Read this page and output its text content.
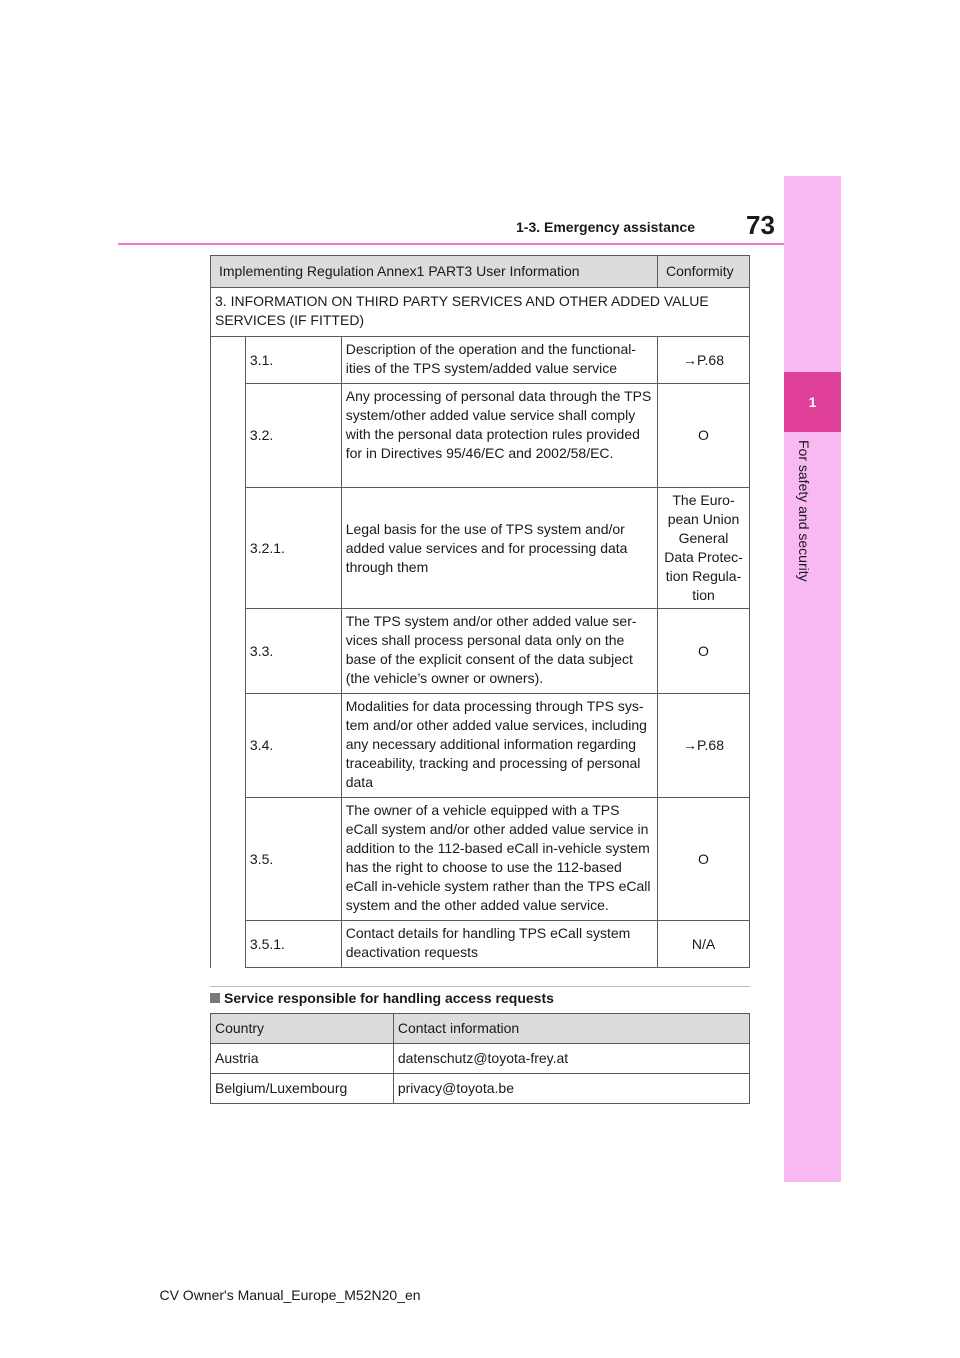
1
For safety and security
1-3. Emergency assistance 73
Implementing Regulation Annex1 PART3 User Information			Conformity
3. INFORMATION ON THIRD PARTY SERVICES AND OTHER ADDED VALUE SERVICES (IF FITTED)			
	3.1.	Description of the operation and the functional-ities of the TPS system/added value service	→P.68
	3.2.	Any processing of personal data through the TPS system/other added value service shall comply with the personal data protection rules provided for in Directives 95/46/EC and 2002/58/EC.	O
	3.2.1.	Legal basis for the use of TPS system and/or added value services and for processing data through them	The Euro-pean Union General Data Protec-tion Regula-tion
	3.3.	The TPS system and/or other added value ser-vices shall process personal data only on the base of the explicit consent of the data subject (the vehicle’s owner or owners).	O
	3.4.	Modalities for data processing through TPS sys-tem and/or other added value services, including any necessary additional information regarding traceability, tracking and processing of personal data	→P.68
	3.5.	The owner of a vehicle equipped with a TPS eCall system and/or other added value service in addition to the 112-based eCall in-vehicle system has the right to choose to use the 112-based eCall in-vehicle system rather than the TPS eCall system and the other added value service.	O
	3.5.1.	Contact details for handling TPS eCall system deactivation requests	N/A
Service responsible for handling access requests
Country	Contact information
Austria	datenschutz@toyota-frey.at
Belgium/Luxembourg	privacy@toyota.be
CV Owner's Manual_Europe_M52N20_en
